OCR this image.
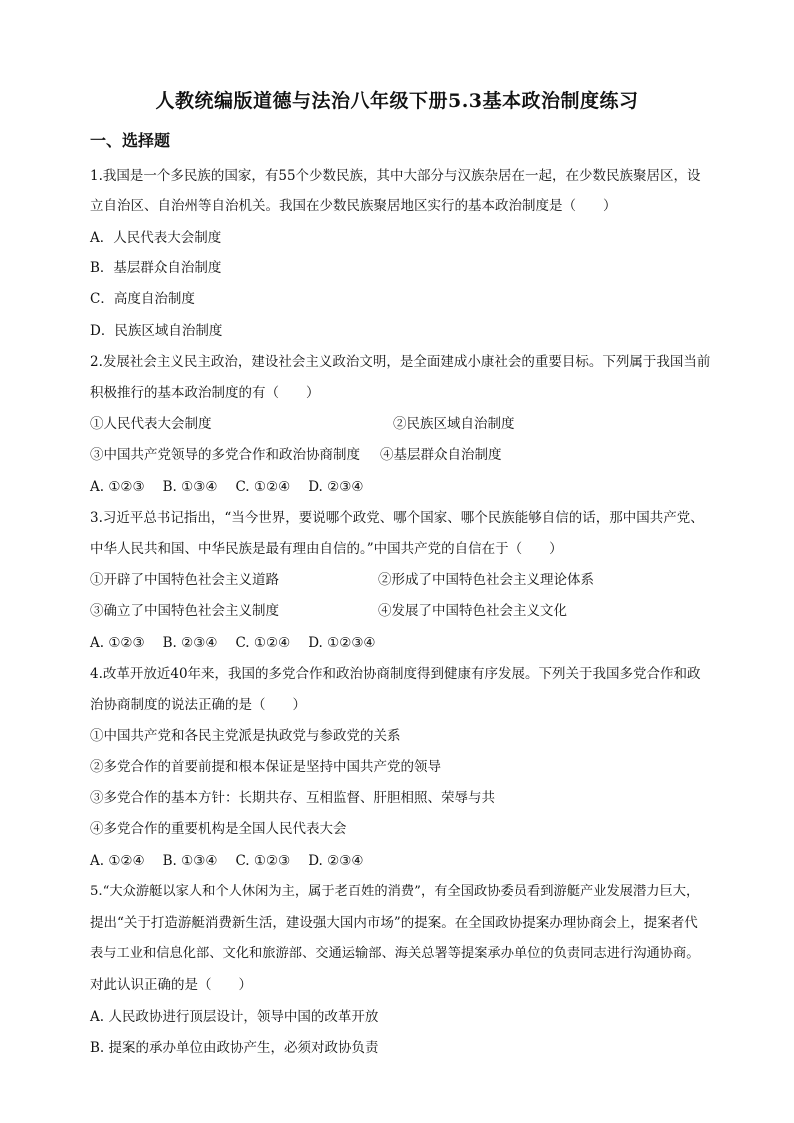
人教统编版道德与法治八年级下册5.3基本政治制度练习
一、选择题
1.我国是一个多民族的国家，有55个少数民族，其中大部分与汉族杂居在一起，在少数民族聚居区，设
立自治区、自治州等自治机关。我国在少数民族聚居地区实行的基本政治制度是（　　）
A．人民代表大会制度
B．基层群众自治制度
C．高度自治制度
D．民族区域自治制度
2.发展社会主义民主政治，建设社会主义政治文明，是全面建成小康社会的重要目标。下列属于我国当前
积极推行的基本政治制度的有（　　）
①人民代表大会制度	②民族区域自治制度
③中国共产党领导的多党合作和政治协商制度 ④基层群众自治制度
A. ①②③ B. ①③④ C. ①②④ D. ②③④
3.习近平总书记指出，“当今世界，要说哪个政党、哪个国家、哪个民族能够自信的话，那中国共产党、
中华人民共和国、中华民族是最有理由自信的。”中国共产党的自信在于（　　）
①开辟了中国特色社会主义道路	②形成了中国特色社会主义理论体系
③确立了中国特色社会主义制度	④发展了中国特色社会主义文化
A. ①②③ B. ②③④ C. ①②④ D. ①②③④
4.改革开放近40年来，我国的多党合作和政治协商制度得到健康有序发展。下列关于我国多党合作和政
治协商制度的说法正确的是（　　）
①中国共产党和各民主党派是执政党与参政党的关系
②多党合作的首要前提和根本保证是坚持中国共产党的领导
③多党合作的基本方针：长期共存、互相监督、肝胆相照、荣辱与共
④多党合作的重要机构是全国人民代表大会
A. ①②④ B. ①③④ C. ①②③ D. ②③④
5.“大众游艇以家人和个人休闲为主，属于老百姓的消费”，有全国政协委员看到游艇产业发展潜力巨大，
提出“关于打造游艇消费新生活，建设强大国内市场”的提案。在全国政协提案办理协商会上，提案者代
表与工业和信息化部、文化和旅游部、交通运输部、海关总署等提案承办单位的负责同志进行沟通协商。
对此认识正确的是（　　）
A. 人民政协进行顶层设计，领导中国的改革开放
B. 提案的承办单位由政协产生，必须对政协负责
